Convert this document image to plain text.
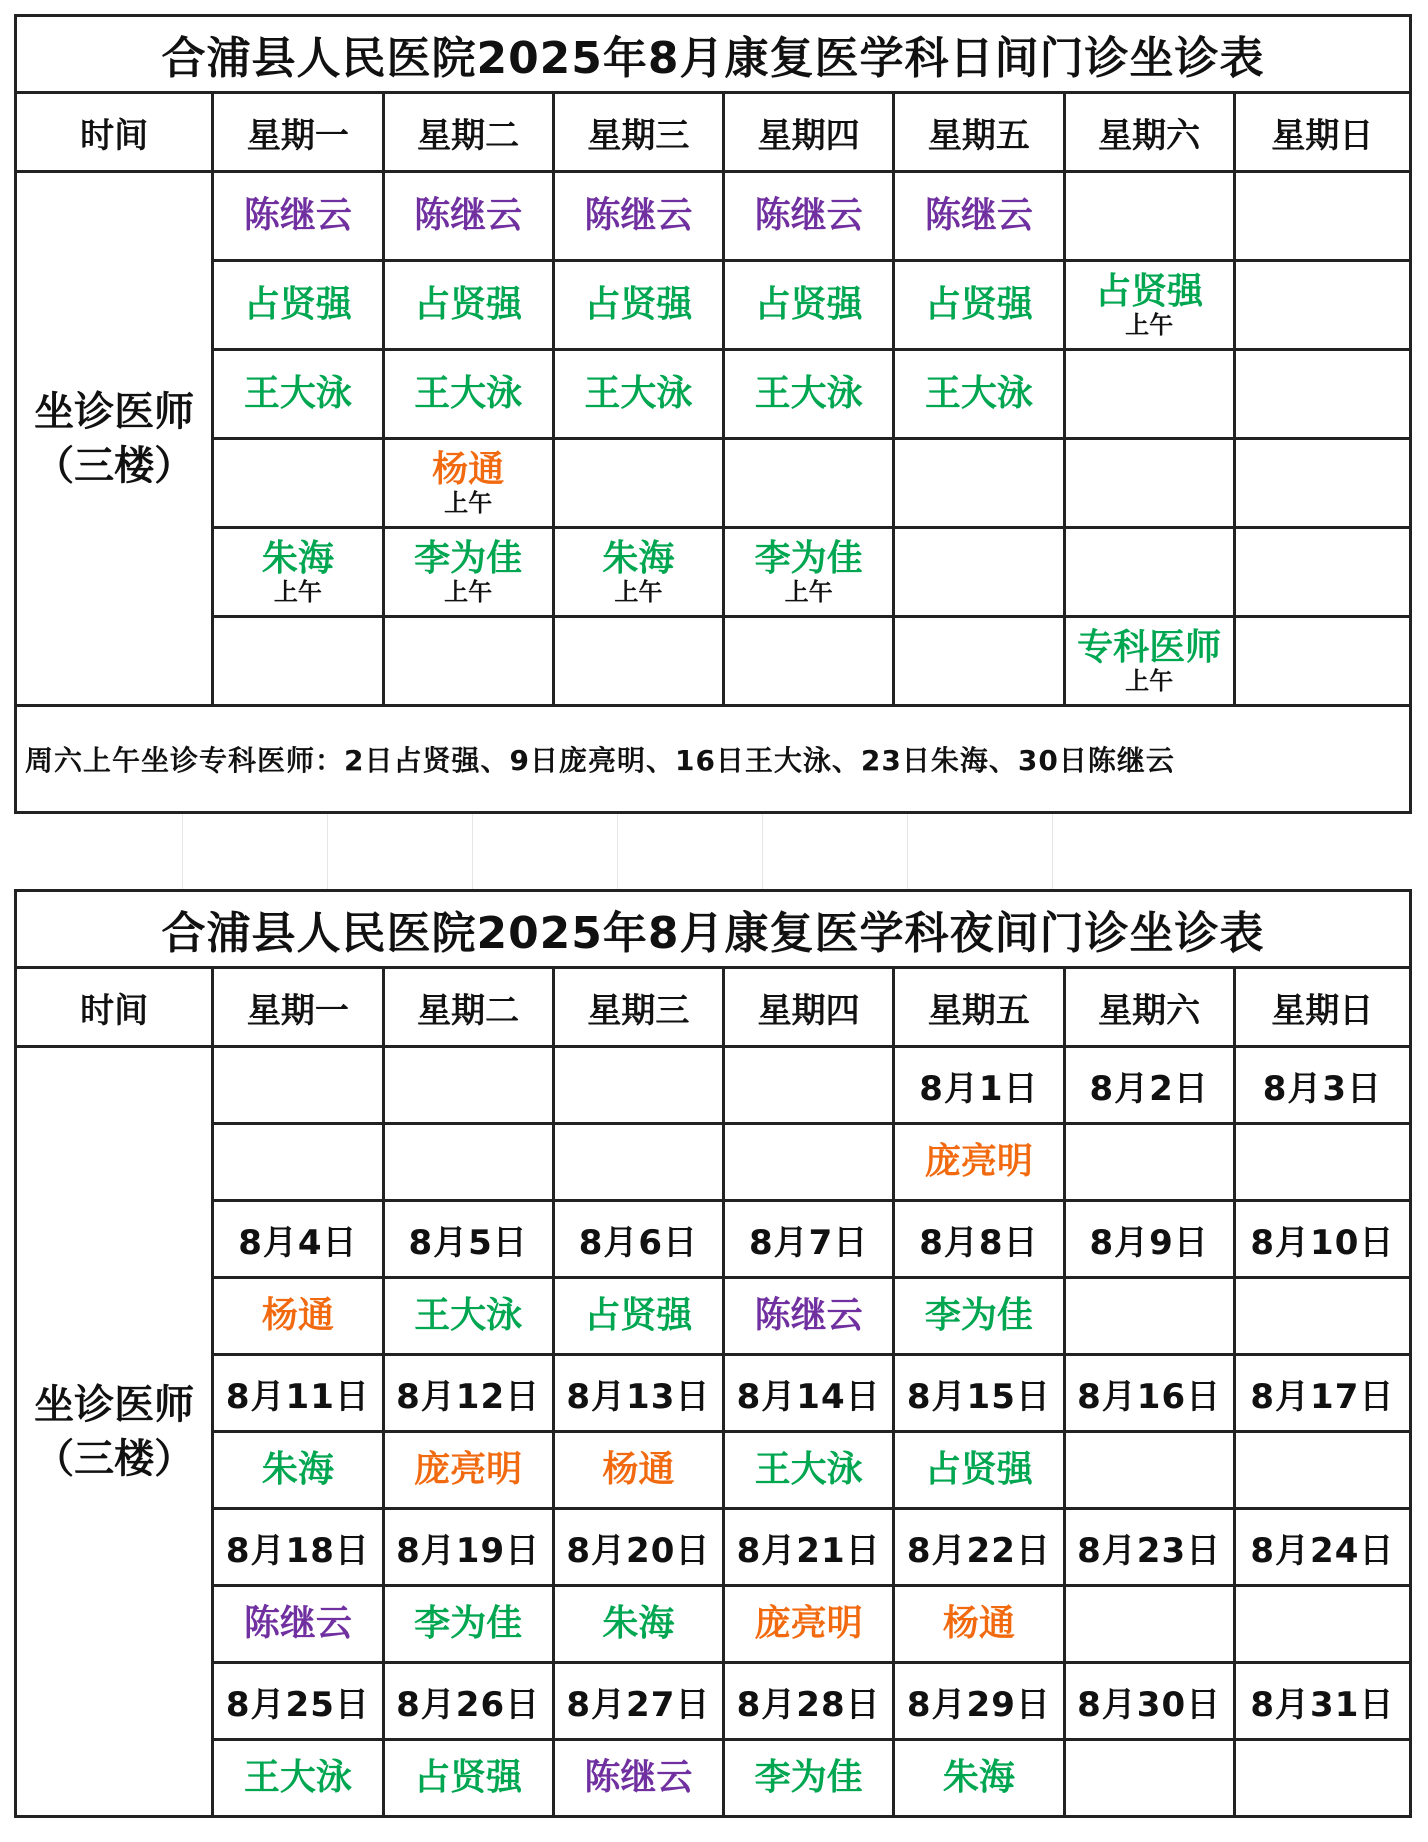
合浦县人民医院2025年8月康复医学科日间门诊坐诊表							
时间	星期一	星期二	星期三	星期四	星期五	星期六	星期日

坐诊医师
（三楼）	陈继云	陈继云	陈继云	陈继云	陈继云		

	占贤强	占贤强	占贤强	占贤强	占贤强	占贤强
上午	

	王大泳	王大泳	王大泳	王大泳	王大泳		

		杨通
上午					

	朱海
上午	李为佳
上午	朱海
上午	李为佳
上午			

						专科医师
上午	

周六上午坐诊专科医师：2日占贤强、9日庞亮明、16日王大泳、23日朱海、30日陈继云							
合浦县人民医院2025年8月康复医学科夜间门诊坐诊表							
时间	星期一	星期二	星期三	星期四	星期五	星期六	星期日

坐诊医师
（三楼）					8月1日	8月2日	8月3日

					庞亮明		

	8月4日	8月5日	8月6日	8月7日	8月8日	8月9日	8月10日

	杨通	王大泳	占贤强	陈继云	李为佳		

	8月11日	8月12日	8月13日	8月14日	8月15日	8月16日	8月17日

	朱海	庞亮明	杨通	王大泳	占贤强		

	8月18日	8月19日	8月20日	8月21日	8月22日	8月23日	8月24日

	陈继云	李为佳	朱海	庞亮明	杨通		

	8月25日	8月26日	8月27日	8月28日	8月29日	8月30日	8月31日

	王大泳	占贤强	陈继云	李为佳	朱海		
